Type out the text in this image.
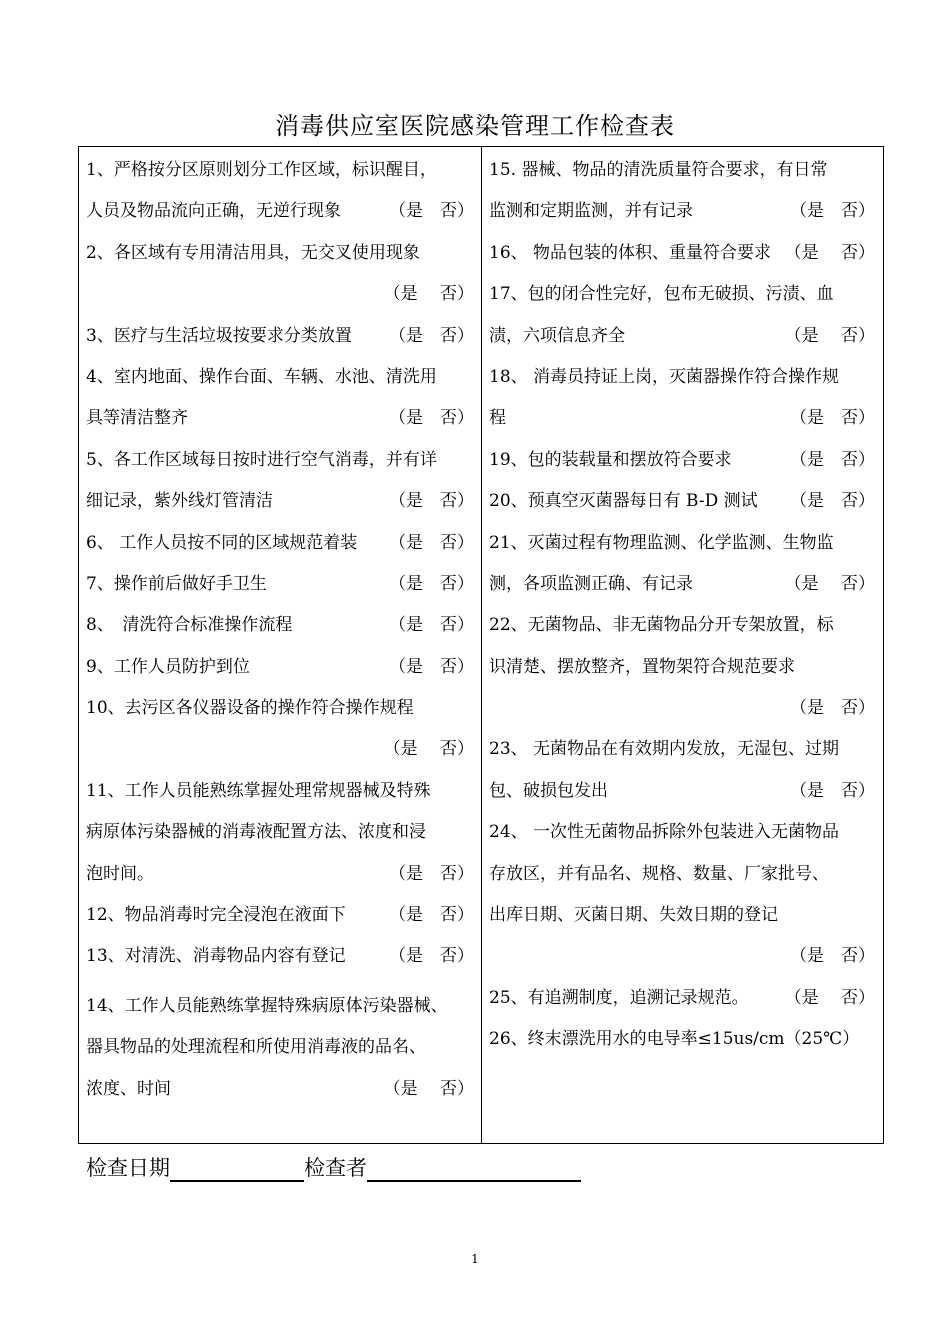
消毒供应室医院感染管理工作检查表
1、严格按分区原则划分工作区域，标识醒目，
人员及物品流向正确，无逆行现象	（是　否）
2、各区域有专用清洁用具，无交叉使用现象
（是　 否）
3、医疗与生活垃圾按要求分类放置 （是　否）
4、室内地面、操作台面、车辆、水池、清洗用
具等清洁整齐	（是　否）
5、各工作区域每日按时进行空气消毒，并有详
细记录，紫外线灯管清洁	（是　否）
6、 工作人员按不同的区域规范着装 （是　否）
7、操作前后做好手卫生	（是　否）
8、　清洗符合标准操作流程	（是　否）
9、工作人员防护到位	（是　否）
10、去污区各仪器设备的操作符合操作规程
（是　 否）
11、工作人员能熟练掌握处理常规器械及特殊
病原体污染器械的消毒液配置方法、浓度和浸
泡时间。	（是　否）
12、物品消毒时完全浸泡在液面下	（是　否）
13、对清洗、消毒物品内容有登记	（是　否）
14、工作人员能熟练掌握特殊病原体污染器械、
器具物品的处理流程和所使用消毒液的品名、
浓度、时间	（是　 否）
15. 器械、物品的清洗质量符合要求，有日常
监测和定期监测，并有记录	（是　否）
16、 物品包装的体积、重量符合要求 （是　 否）
17、包的闭合性完好，包布无破损、污渍、血
渍，六项信息齐全	（是　 否）
18、 消毒员持证上岗，灭菌器操作符合操作规
程	（是　否）
19、包的装载量和摆放符合要求	（是　否）
20、预真空灭菌器每日有 B-D 测试 （是　否）
21、灭菌过程有物理监测、化学监测、生物监
测，各项监测正确、有记录	（是　 否）
22、无菌物品、非无菌物品分开专架放置，标
识清楚、摆放整齐，置物架符合规范要求
（是　否）
23、 无菌物品在有效期内发放，无湿包、过期
包、破损包发出	（是　否）
24、 一次性无菌物品拆除外包装进入无菌物品
存放区，并有品名、规格、数量、厂家批号、
出库日期、灭菌日期、失效日期的登记
（是　否）
25、有追溯制度，追溯记录规范。 （是　 否）
26、终末漂洗用水的电导率≤15us/cm（25℃）
检查日期	检查者
1
